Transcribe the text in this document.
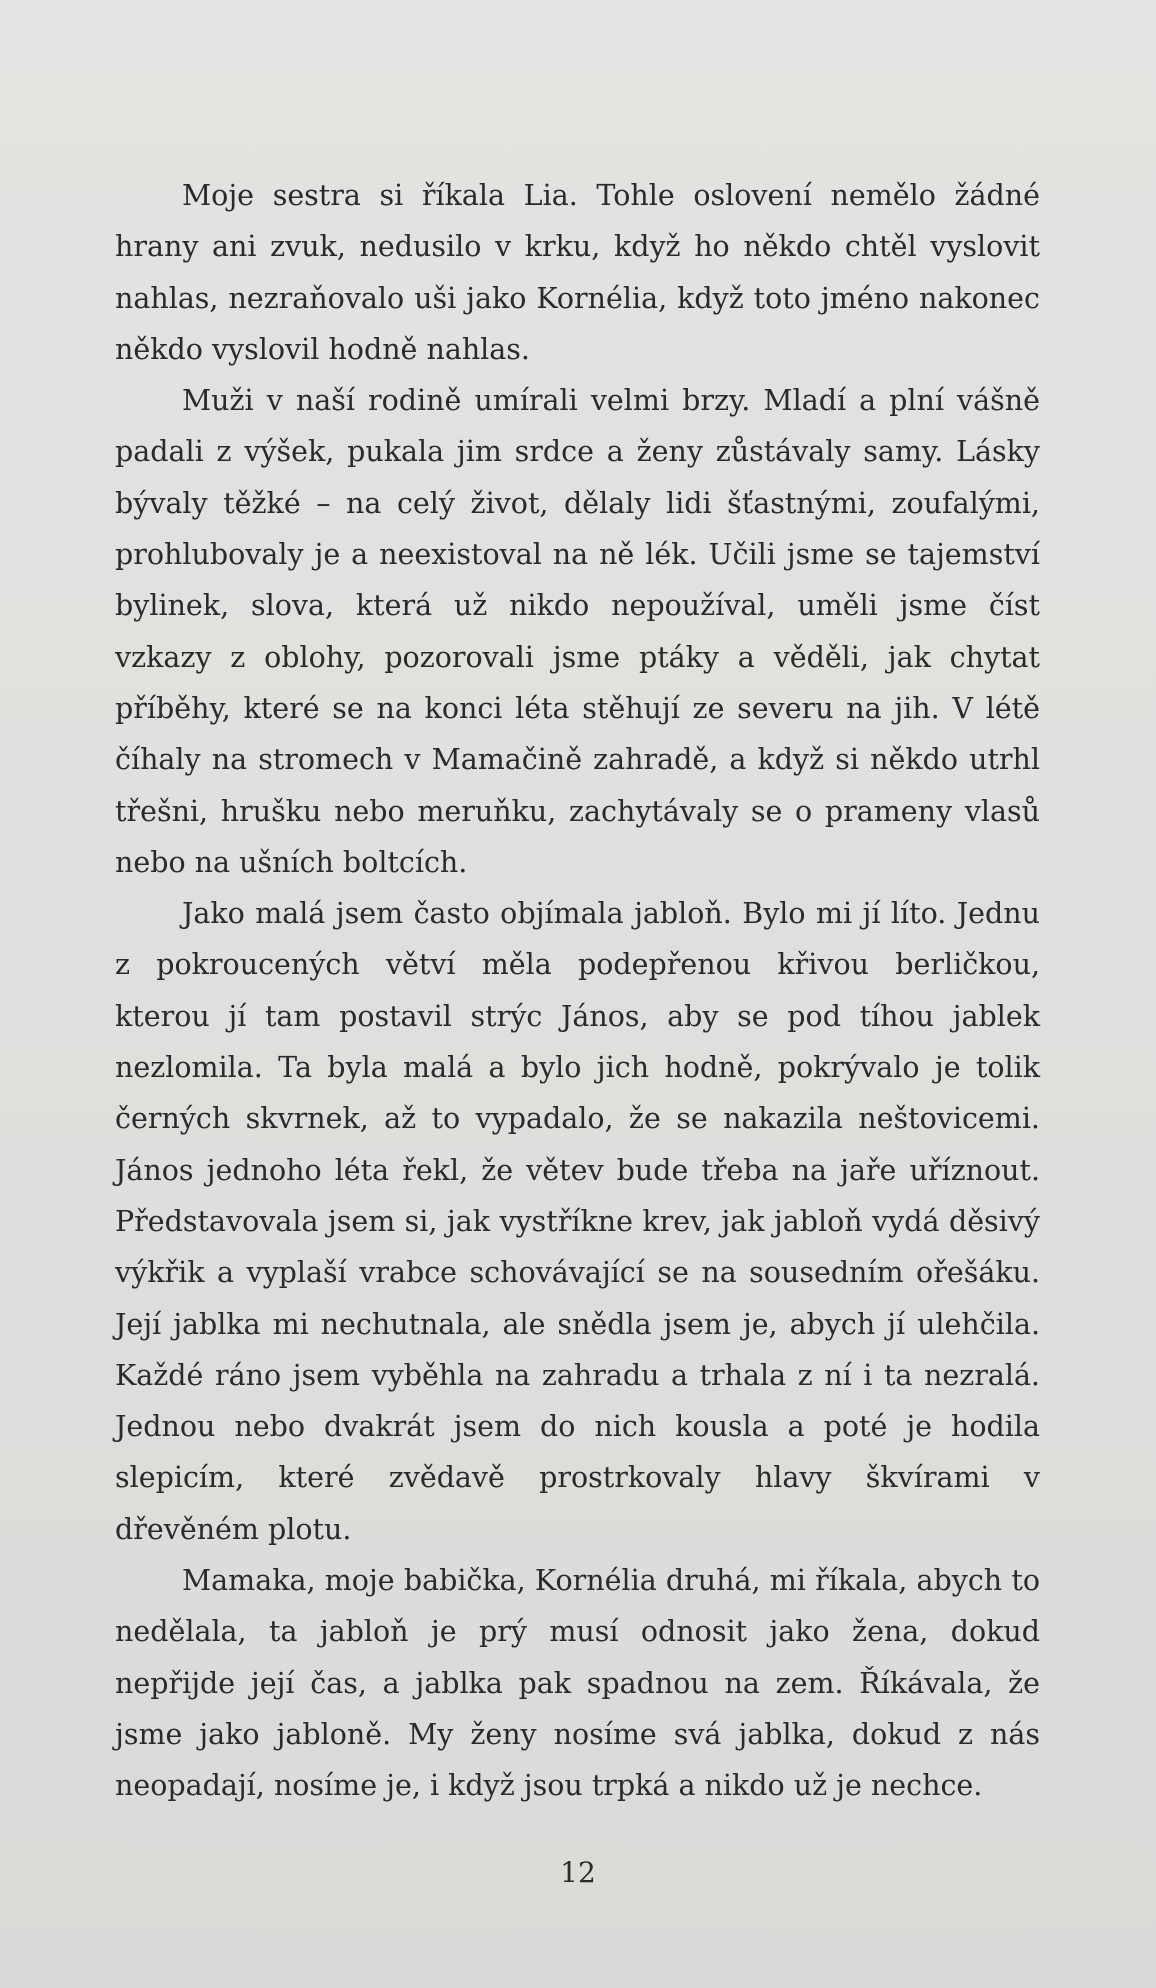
Moje sestra si říkala Lia. Tohle oslovení nemělo žádné hrany ani zvuk, nedusilo v krku, když ho někdo chtěl vyslovit nahlas, nezraňovalo uši jako Kornélia, když toto jméno nakonec někdo vyslovil hodně nahlas.

Muži v naší rodině umírali velmi brzy. Mladí a plní vášně padali z výšek, pukala jim srdce a ženy zůstávaly samy. Lásky bývaly těžké – na celý život, dělaly lidi šťastnými, zoufalými, prohlubovaly je a neexistoval na ně lék. Učili jsme se tajemství bylinek, slova, která už nikdo nepoužíval, uměli jsme číst vzkazy z oblohy, pozorovali jsme ptáky a věděli, jak chytat příběhy, které se na konci léta stěhují ze severu na jih. V létě číhaly na stromech v Mamačině zahradě, a když si někdo utrhl třešni, hrušku nebo meruňku, zachytávaly se o prameny vlasů nebo na ušních boltcích.

Jako malá jsem často objímala jabloň. Bylo mi jí líto. Jednu z pokroucených větví měla podepřenou křivou berličkou, kterou jí tam postavil strýc János, aby se pod tíhou jablek nezlomila. Ta byla malá a bylo jich hodně, pokrývalo je tolik černých skvrnek, až to vypadalo, že se nakazila neštovicemi. János jednoho léta řekl, že větev bude třeba na jaře uříznout. Představovala jsem si, jak vystříkne krev, jak jabloň vydá děsivý výkřik a vyplaší vrabce schovávající se na sousedním ořešáku. Její jablka mi nechutnala, ale snědla jsem je, abych jí ulehčila. Každé ráno jsem vyběhla na zahradu a trhala z ní i ta nezralá. Jednou nebo dvakrát jsem do nich kousla a poté je hodila slepicím, které zvědavě prostrkovaly hlavy škvírami v dřevěném plotu.

Mamaka, moje babička, Kornélia druhá, mi říkala, abych to nedělala, ta jabloň je prý musí odnosit jako žena, dokud nepřijde její čas, a jablka pak spadnou na zem. Říkávala, že jsme jako jabloně. My ženy nosíme svá jablka, dokud z nás neopadají, nosíme je, i když jsou trpká a nikdo už je nechce.

12
